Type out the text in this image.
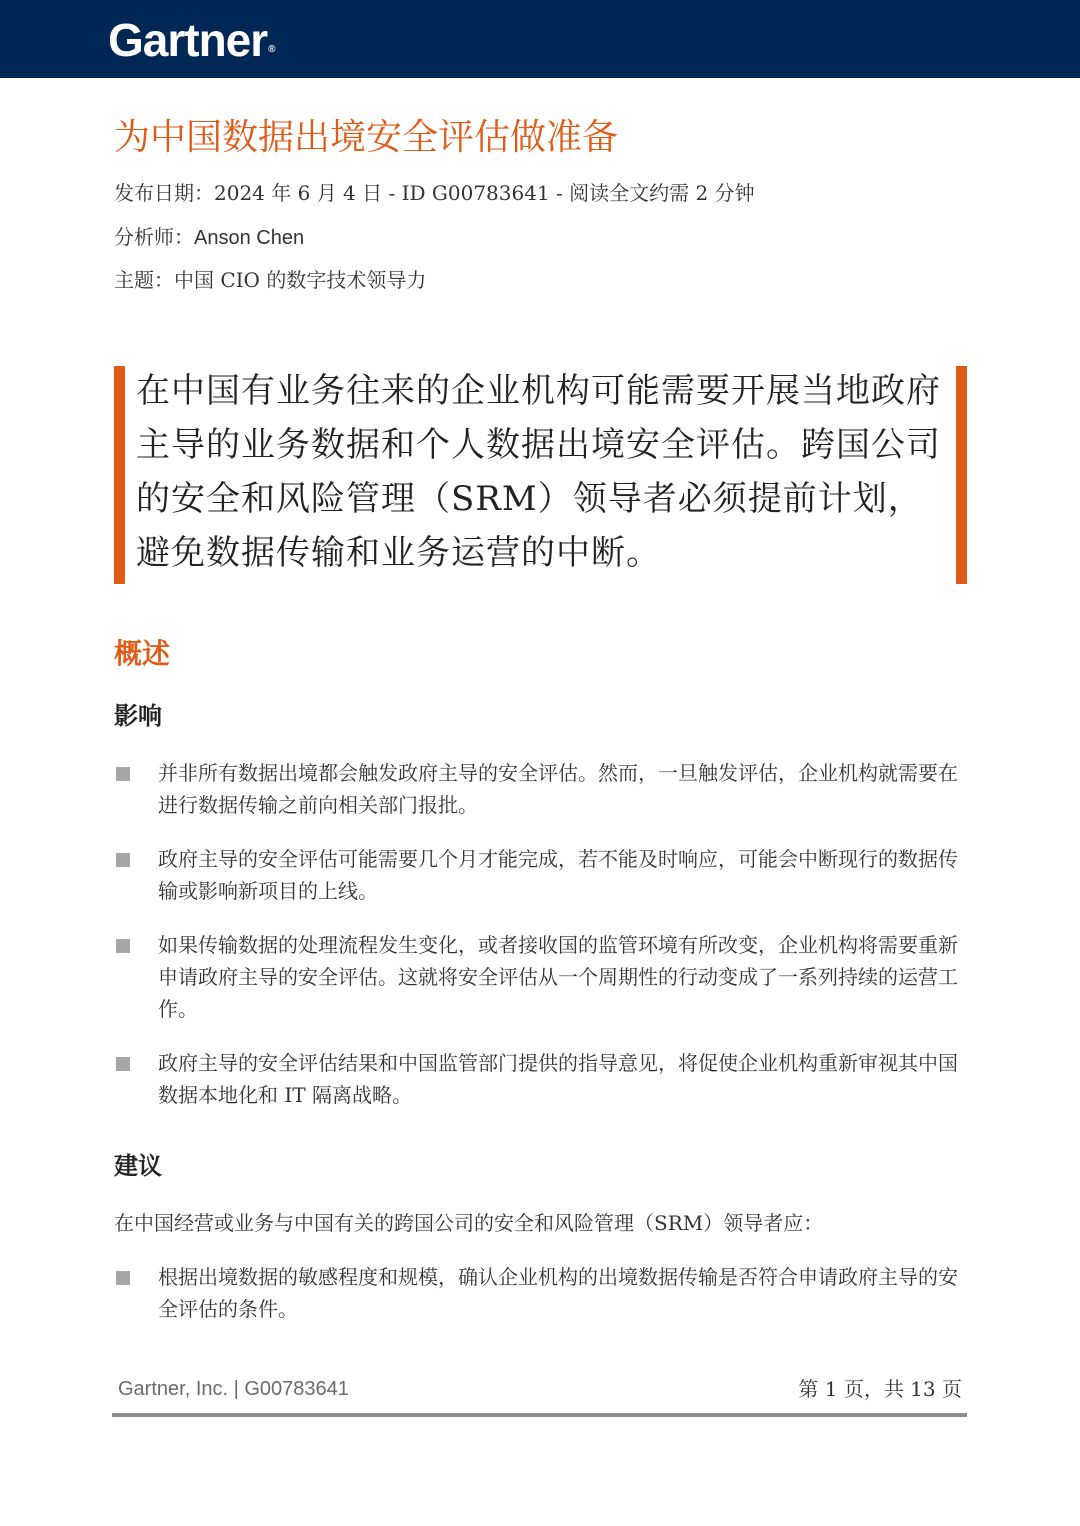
Gartner®
为中国数据出境安全评估做准备
发布日期：2024 年 6 月 4 日 - ID G00783641 - 阅读全文约需 2 分钟
分析师：Anson Chen
主题：中国 CIO 的数字技术领导力

在中国有业务往来的企业机构可能需要开展当地政府主导的业务数据和个人数据出境安全评估。跨国公司的安全和风险管理（SRM）领导者必须提前计划，避免数据传输和业务运营的中断。

概述
影响
并非所有数据出境都会触发政府主导的安全评估。然而，一旦触发评估，企业机构就需要在进行数据传输之前向相关部门报批。
政府主导的安全评估可能需要几个月才能完成，若不能及时响应，可能会中断现行的数据传输或影响新项目的上线。
如果传输数据的处理流程发生变化，或者接收国的监管环境有所改变，企业机构将需要重新申请政府主导的安全评估。这就将安全评估从一个周期性的行动变成了一系列持续的运营工作。
政府主导的安全评估结果和中国监管部门提供的指导意见，将促使企业机构重新审视其中国数据本地化和 IT 隔离战略。
建议

在中国经营或业务与中国有关的跨国公司的安全和风险管理（SRM）领导者应：

根据出境数据的敏感程度和规模，确认企业机构的出境数据传输是否符合申请政府主导的安全评估的条件。
Gartner, Inc. | G00783641	第 1 页，共 13 页
